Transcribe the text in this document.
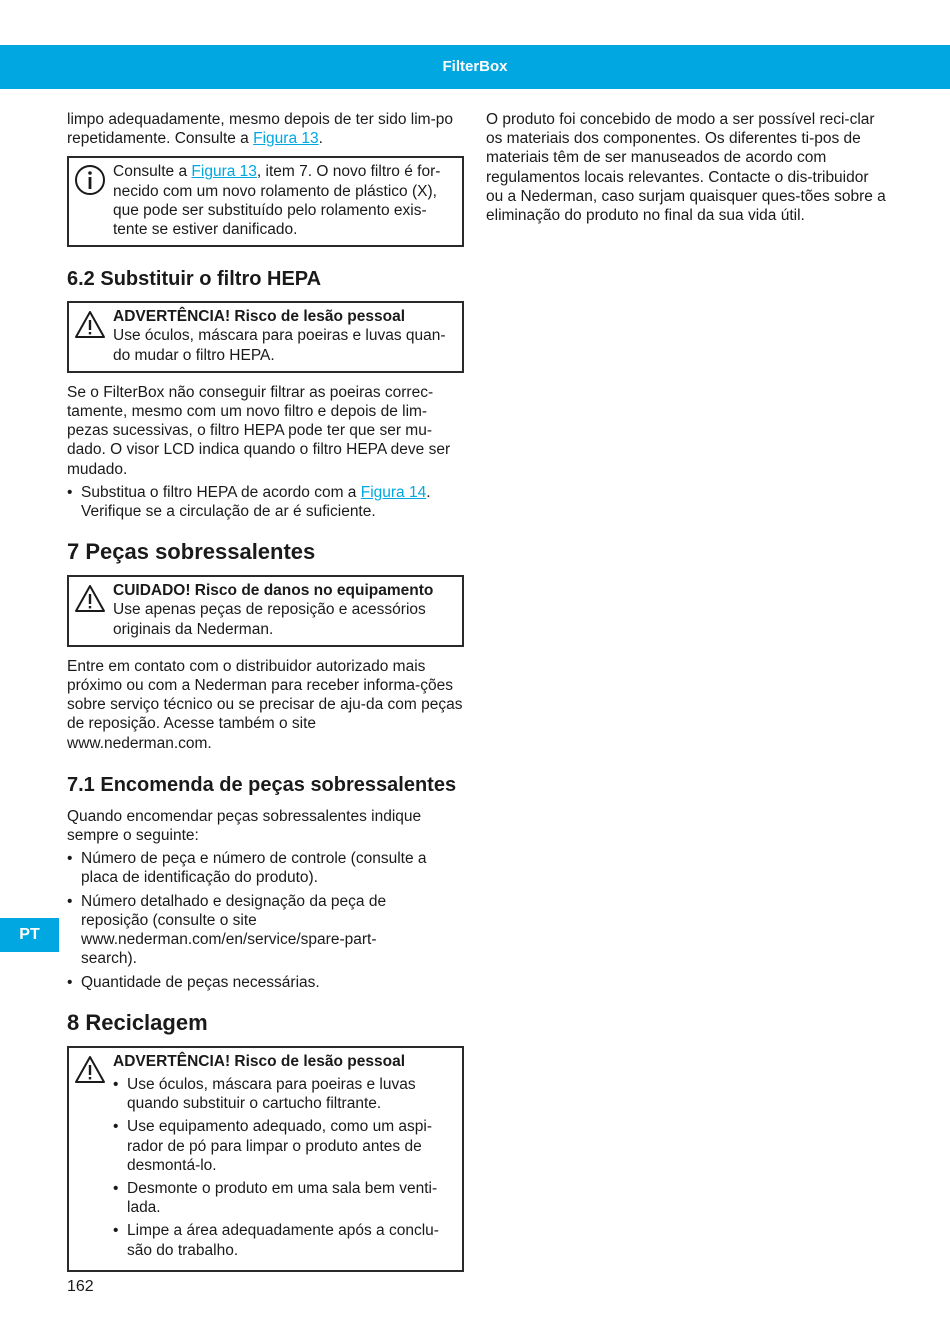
FilterBox
PT

limpo adequadamente, mesmo depois de ter sido lim-po repetidamente. Consulte a Figura 13.

Consulte a Figura 13, item 7. O novo filtro é for-necido com um novo rolamento de plástico (X), que pode ser substituído pelo rolamento exis-tente se estiver danificado.
6.2 Substituir o filtro HEPA
ADVERTÊNCIA! Risco de lesão pessoal
Use óculos, máscara para poeiras e luvas quan-do mudar o filtro HEPA.

Se o FilterBox não conseguir filtrar as poeiras correc-tamente, mesmo com um novo filtro e depois de lim-pezas sucessivas, o filtro HEPA pode ter que ser mu-dado. O visor LCD indica quando o filtro HEPA deve ser mudado.

• Substitua o filtro HEPA de acordo com a Figura 14. Verifique se a circulação de ar é suficiente.
7 Peças sobressalentes
CUIDADO! Risco de danos no equipamento
Use apenas peças de reposição e acessórios originais da Nederman.

Entre em contato com o distribuidor autorizado mais próximo ou com a Nederman para receber informa-ções sobre serviço técnico ou se precisar de aju-da com peças de reposição. Acesse também o site www.nederman.com.

7.1 Encomenda de peças sobressalentes

Quando encomendar peças sobressalentes indique sempre o seguinte:

• Número de peça e número de controle (consulte a placa de identificação do produto).
• Número detalhado e designação da peça de reposição (consulte o site www.nederman.com/en/service/spare-part-search).
• Quantidade de peças necessárias.
8 Reciclagem
ADVERTÊNCIA! Risco de lesão pessoal
• Use óculos, máscara para poeiras e luvas quando substituir o cartucho filtrante.
• Use equipamento adequado, como um aspi-rador de pó para limpar o produto antes de desmontá-lo.
• Desmonte o produto em uma sala bem venti-lada.
• Limpe a área adequadamente após a conclu-são do trabalho.

O produto foi concebido de modo a ser possível reci-clar os materiais dos componentes. Os diferentes ti-pos de materiais têm de ser manuseados de acordo com regulamentos locais relevantes. Contacte o dis-tribuidor ou a Nederman, caso surjam quaisquer ques-tões sobre a eliminação do produto no final da sua vida útil.

162
